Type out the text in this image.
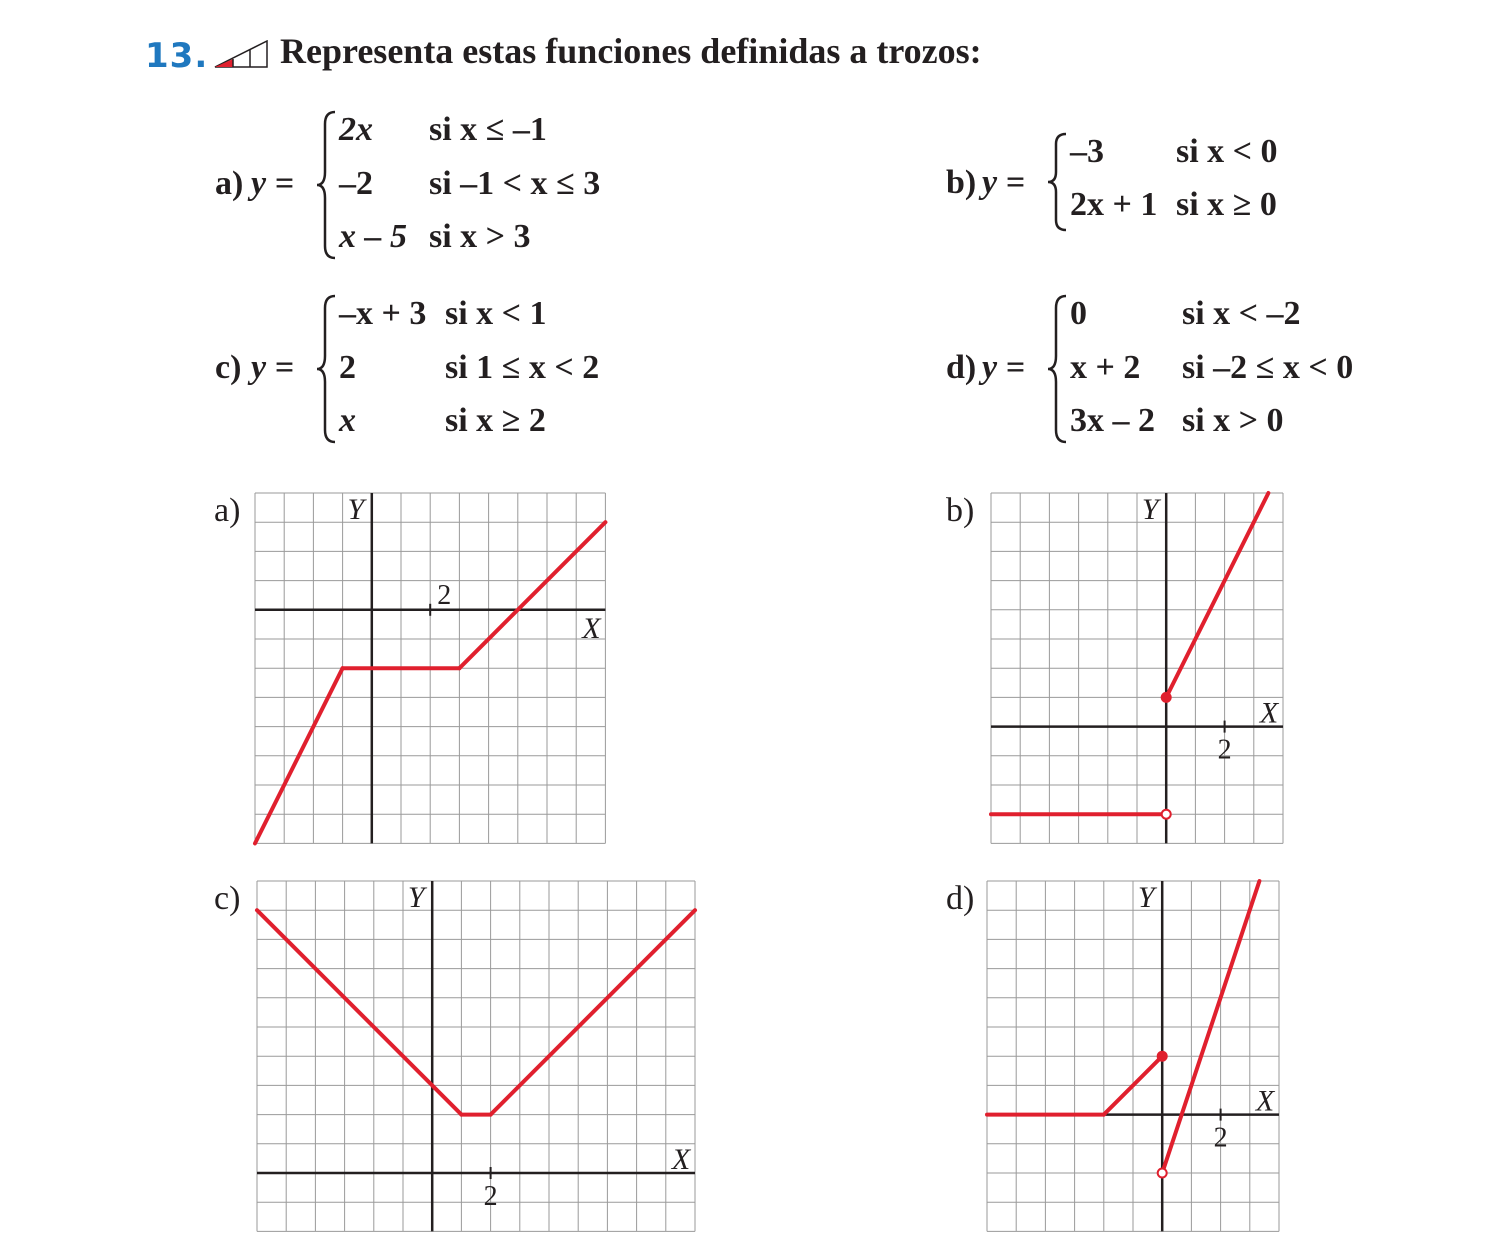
13. Representa estas funciones definidas a trozos:
a) y =
2x si x ≤ –1
–2 si –1 < x ≤ 3
x – 5 si x > 3
b) y =
–3 si x < 0
2x + 1 si x ≥ 0
c) y =
–x + 3 si x < 1
2	si 1 ≤ x < 2
x	si x ≥ 2
d) y =
0	si x < –2
x + 2 si –2 ≤ x < 0
3x – 2 si x > 0
a)	b)
c)	d)
2
X
Y
2
X
Y
2
X
Y
2
X
Y
